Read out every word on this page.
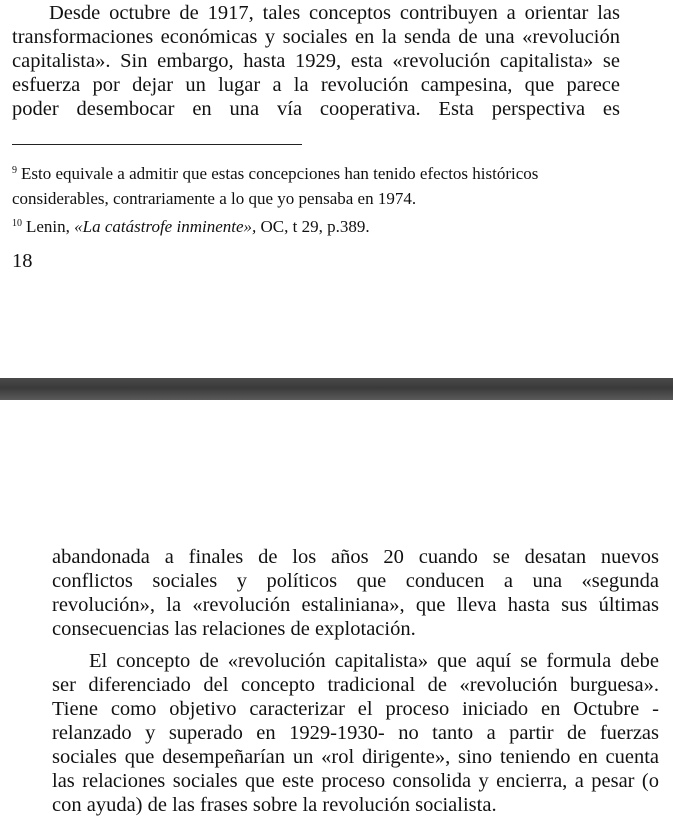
Desde octubre de 1917, tales conceptos contribuyen a orientar las
transformaciones económicas y sociales en la senda de una «revolución
capitalista». Sin embargo, hasta 1929, esta «revolución capitalista» se
esfuerza por dejar un lugar a la revolución campesina, que parece
poder desembocar en una vía cooperativa. Esta perspectiva es

$^9$ Esto equivale a admitir que estas concepciones han tenido efectos históricos
considerables, contrariamente a lo que yo pensaba en 1974.
$^{10}$ Lenin, «La catástrofe inminente», OC, t 29, p.389.
18

abandonada a finales de los años 20 cuando se desatan nuevos
conflictos sociales y políticos que conducen a una «segunda
revolución», la «revolución estaliniana», que lleva hasta sus últimas
consecuencias las relaciones de explotación.

El concepto de «revolución capitalista» que aquí se formula debe
ser diferenciado del concepto tradicional de «revolución burguesa».
Tiene como objetivo caracterizar el proceso iniciado en Octubre -
relanzado y superado en 1929-1930- no tanto a partir de fuerzas
sociales que desempeñarían un «rol dirigente», sino teniendo en cuenta
las relaciones sociales que este proceso consolida y encierra, a pesar (o
con ayuda) de las frases sobre la revolución socialista.
